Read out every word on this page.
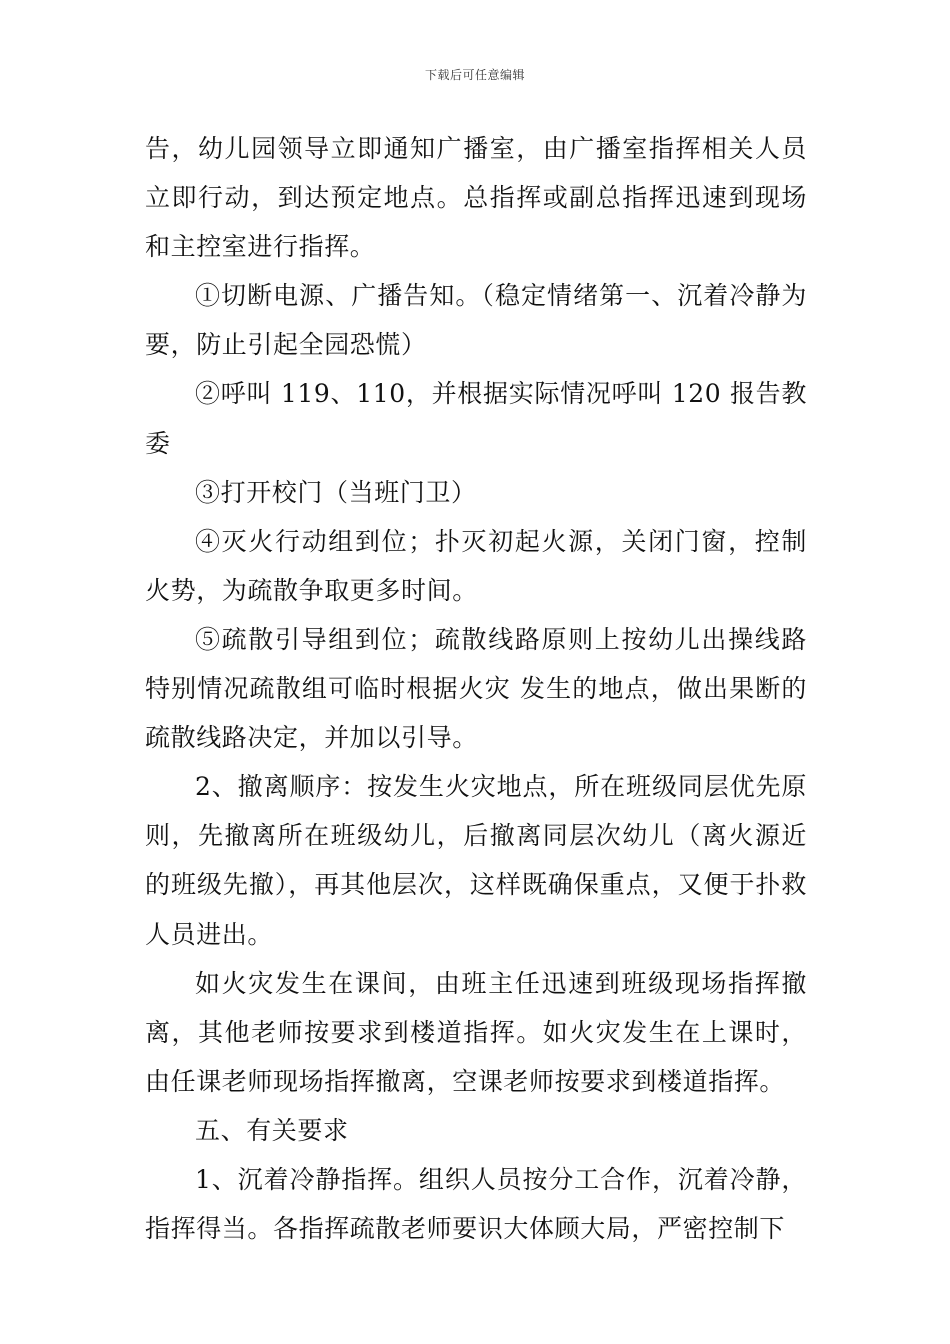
下载后可任意编辑

告，幼儿园领导立即通知广播室，由广播室指挥相关人员立即行动，到达预定地点。总指挥或副总指挥迅速到现场和主控室进行指挥。

①切断电源、广播告知。（稳定情绪第一、沉着冷静为要，防止引起全园恐慌）

②呼叫 119、110，并根据实际情况呼叫 120 报告教委

③打开校门（当班门卫）

④灭火行动组到位；扑灭初起火源，关闭门窗，控制火势，为疏散争取更多时间。

⑤疏散引导组到位；疏散线路原则上按幼儿出操线路特别情况疏散组可临时根据火灾 发生的地点，做出果断的疏散线路决定，并加以引导。

2、撤离顺序：按发生火灾地点，所在班级同层优先原则，先撤离所在班级幼儿，后撤离同层次幼儿（离火源近的班级先撤），再其他层次，这样既确保重点，又便于扑救人员进出。

如火灾发生在课间，由班主任迅速到班级现场指挥撤离，其他老师按要求到楼道指挥。如火灾发生在上课时，由任课老师现场指挥撤离，空课老师按要求到楼道指挥。

五、有关要求

1、沉着冷静指挥。组织人员按分工合作，沉着冷静，指挥得当。各指挥疏散老师要识大体顾大局，严密控制下
